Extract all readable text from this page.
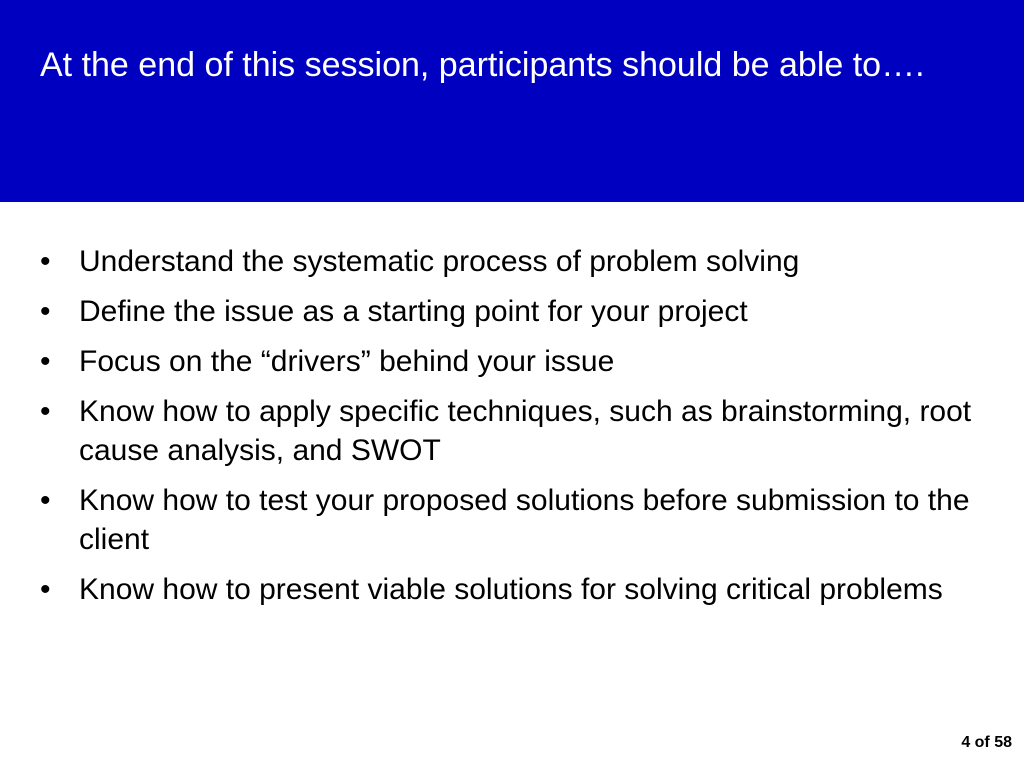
At the end of this session, participants should be able to….
• Understand the systematic process of problem solving
• Define the issue as a starting point for your project
• Focus on the “drivers” behind your issue
• Know how to apply specific techniques, such as brainstorming, root cause analysis, and SWOT
• Know how to test your proposed solutions before submission to the client
• Know how to present viable solutions for solving critical problems
4 of 58
